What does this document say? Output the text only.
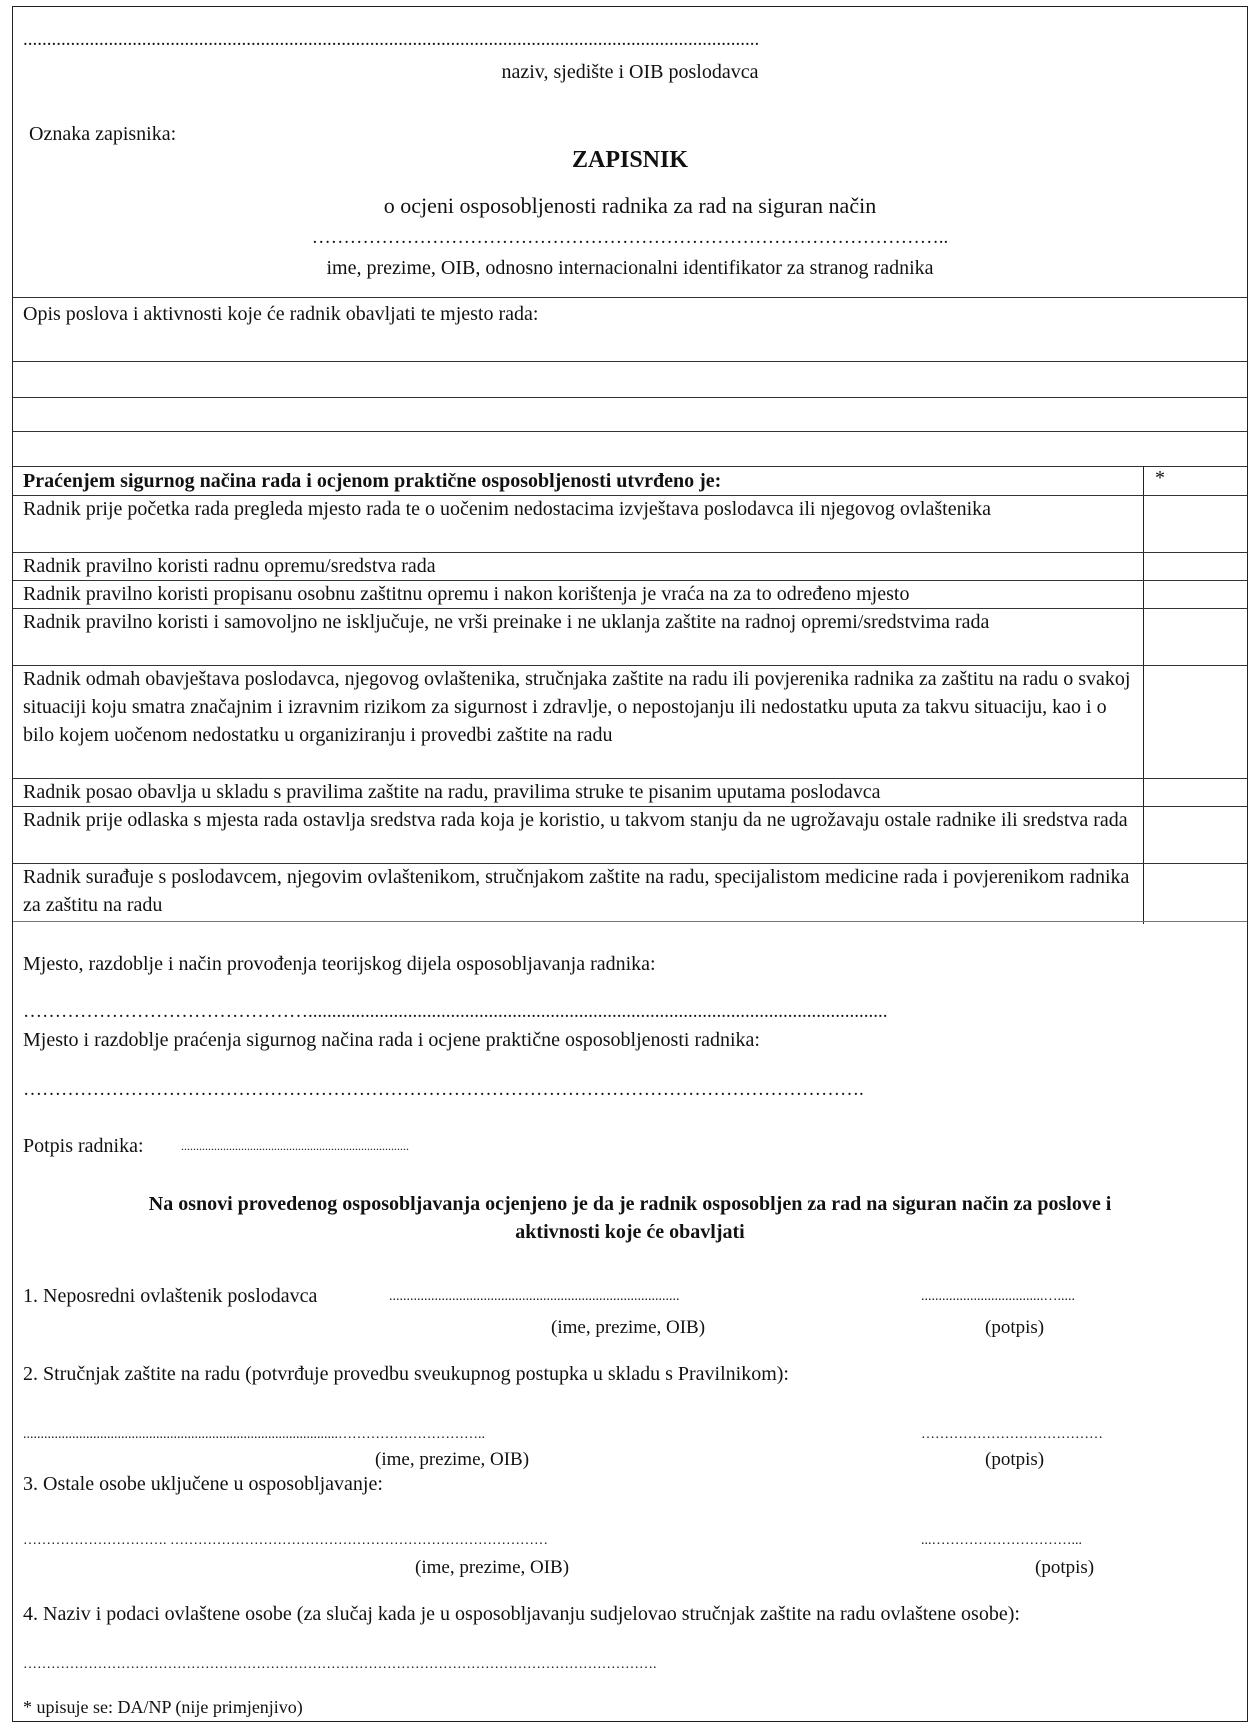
...........................................................................................................................................................
naziv, sjedište i OIB poslodavca
Oznaka zapisnika:
ZAPISNIK
o ocjeni osposobljenosti radnika za rad na siguran način
………………………………………………………………………………………..
ime, prezime, OIB, odnosno internacionalni identifikator za stranog radnika
Opis poslova i aktivnosti koje će radnik obavljati te mjesto rada:
Praćenjem sigurnog načina rada i ocjenom praktične osposobljenosti utvrđeno je:	*
Radnik prije početka rada pregleda mjesto rada te o uočenim nedostacima izvještava poslodavca ili njegovog ovlaštenika
Radnik pravilno koristi radnu opremu/sredstva rada
Radnik pravilno koristi propisanu osobnu zaštitnu opremu i nakon korištenja je vraća na za to određeno mjesto
Radnik pravilno koristi i samovoljno ne isključuje, ne vrši preinake i ne uklanja zaštite na radnoj opremi/sredstvima rada
Radnik odmah obavještava poslodavca, njegovog ovlaštenika, stručnjaka zaštite na radu ili povjerenika radnika za zaštitu na radu o svakoj situaciji koju smatra značajnim i izravnim rizikom za sigurnost i zdravlje, o nepostojanju ili nedostatku uputa za takvu situaciju, kao i o bilo kojem uočenom nedostatku u organiziranju i provedbi zaštite na radu
Radnik posao obavlja u skladu s pravilima zaštite na radu, pravilima struke te pisanim uputama poslodavca
Radnik prije odlaska s mjesta rada ostavlja sredstva rada koja je koristio, u takvom stanju da ne ugrožavaju ostale radnike ili sredstva rada
Radnik surađuje s poslodavcem, njegovim ovlaštenikom, stručnjakom zaštite na radu, specijalistom medicine rada i povjerenikom radnika za zaštitu na radu
Mjesto, razdoblje i način provođenja teorijskog dijela osposobljavanja radnika:
………………………………………..........................................................................................................................
Mjesto i razdoblje praćenja sigurnog načina rada i ocjene praktične osposobljenosti radnika:
…………………………………………………………………………………………………………………….
Potpis radnika:	............................................................................
Na osnovi provedenog osposobljavanja ocjenjeno je da je radnik osposobljen za rad na siguran način za poslove i
aktivnosti koje će obavljati
1. Neposredni ovlaštenik poslodavca	...................................................................................	...................................….....
(ime, prezime, OIB)	(potpis)
2. Stručnjak zaštite na radu (potvrđuje provedbu sveukupnog postupka u skladu s Pravilnikom):
..........................................................................................…………………………..	…………………………………
(ime, prezime, OIB)	(potpis)
3. Ostale osobe uključene u osposobljavanje:
…………………………. ………………………………………………………………………	...…………………………...
(ime, prezime, OIB)	(potpis)
4. Naziv i podaci ovlaštene osobe (za slučaj kada je u osposobljavanju sudjelovao stručnjak zaštite na radu ovlaštene osobe):
……………………………………………………………………………………………………………………….
* upisuje se: DA/NP (nije primjenjivo)
